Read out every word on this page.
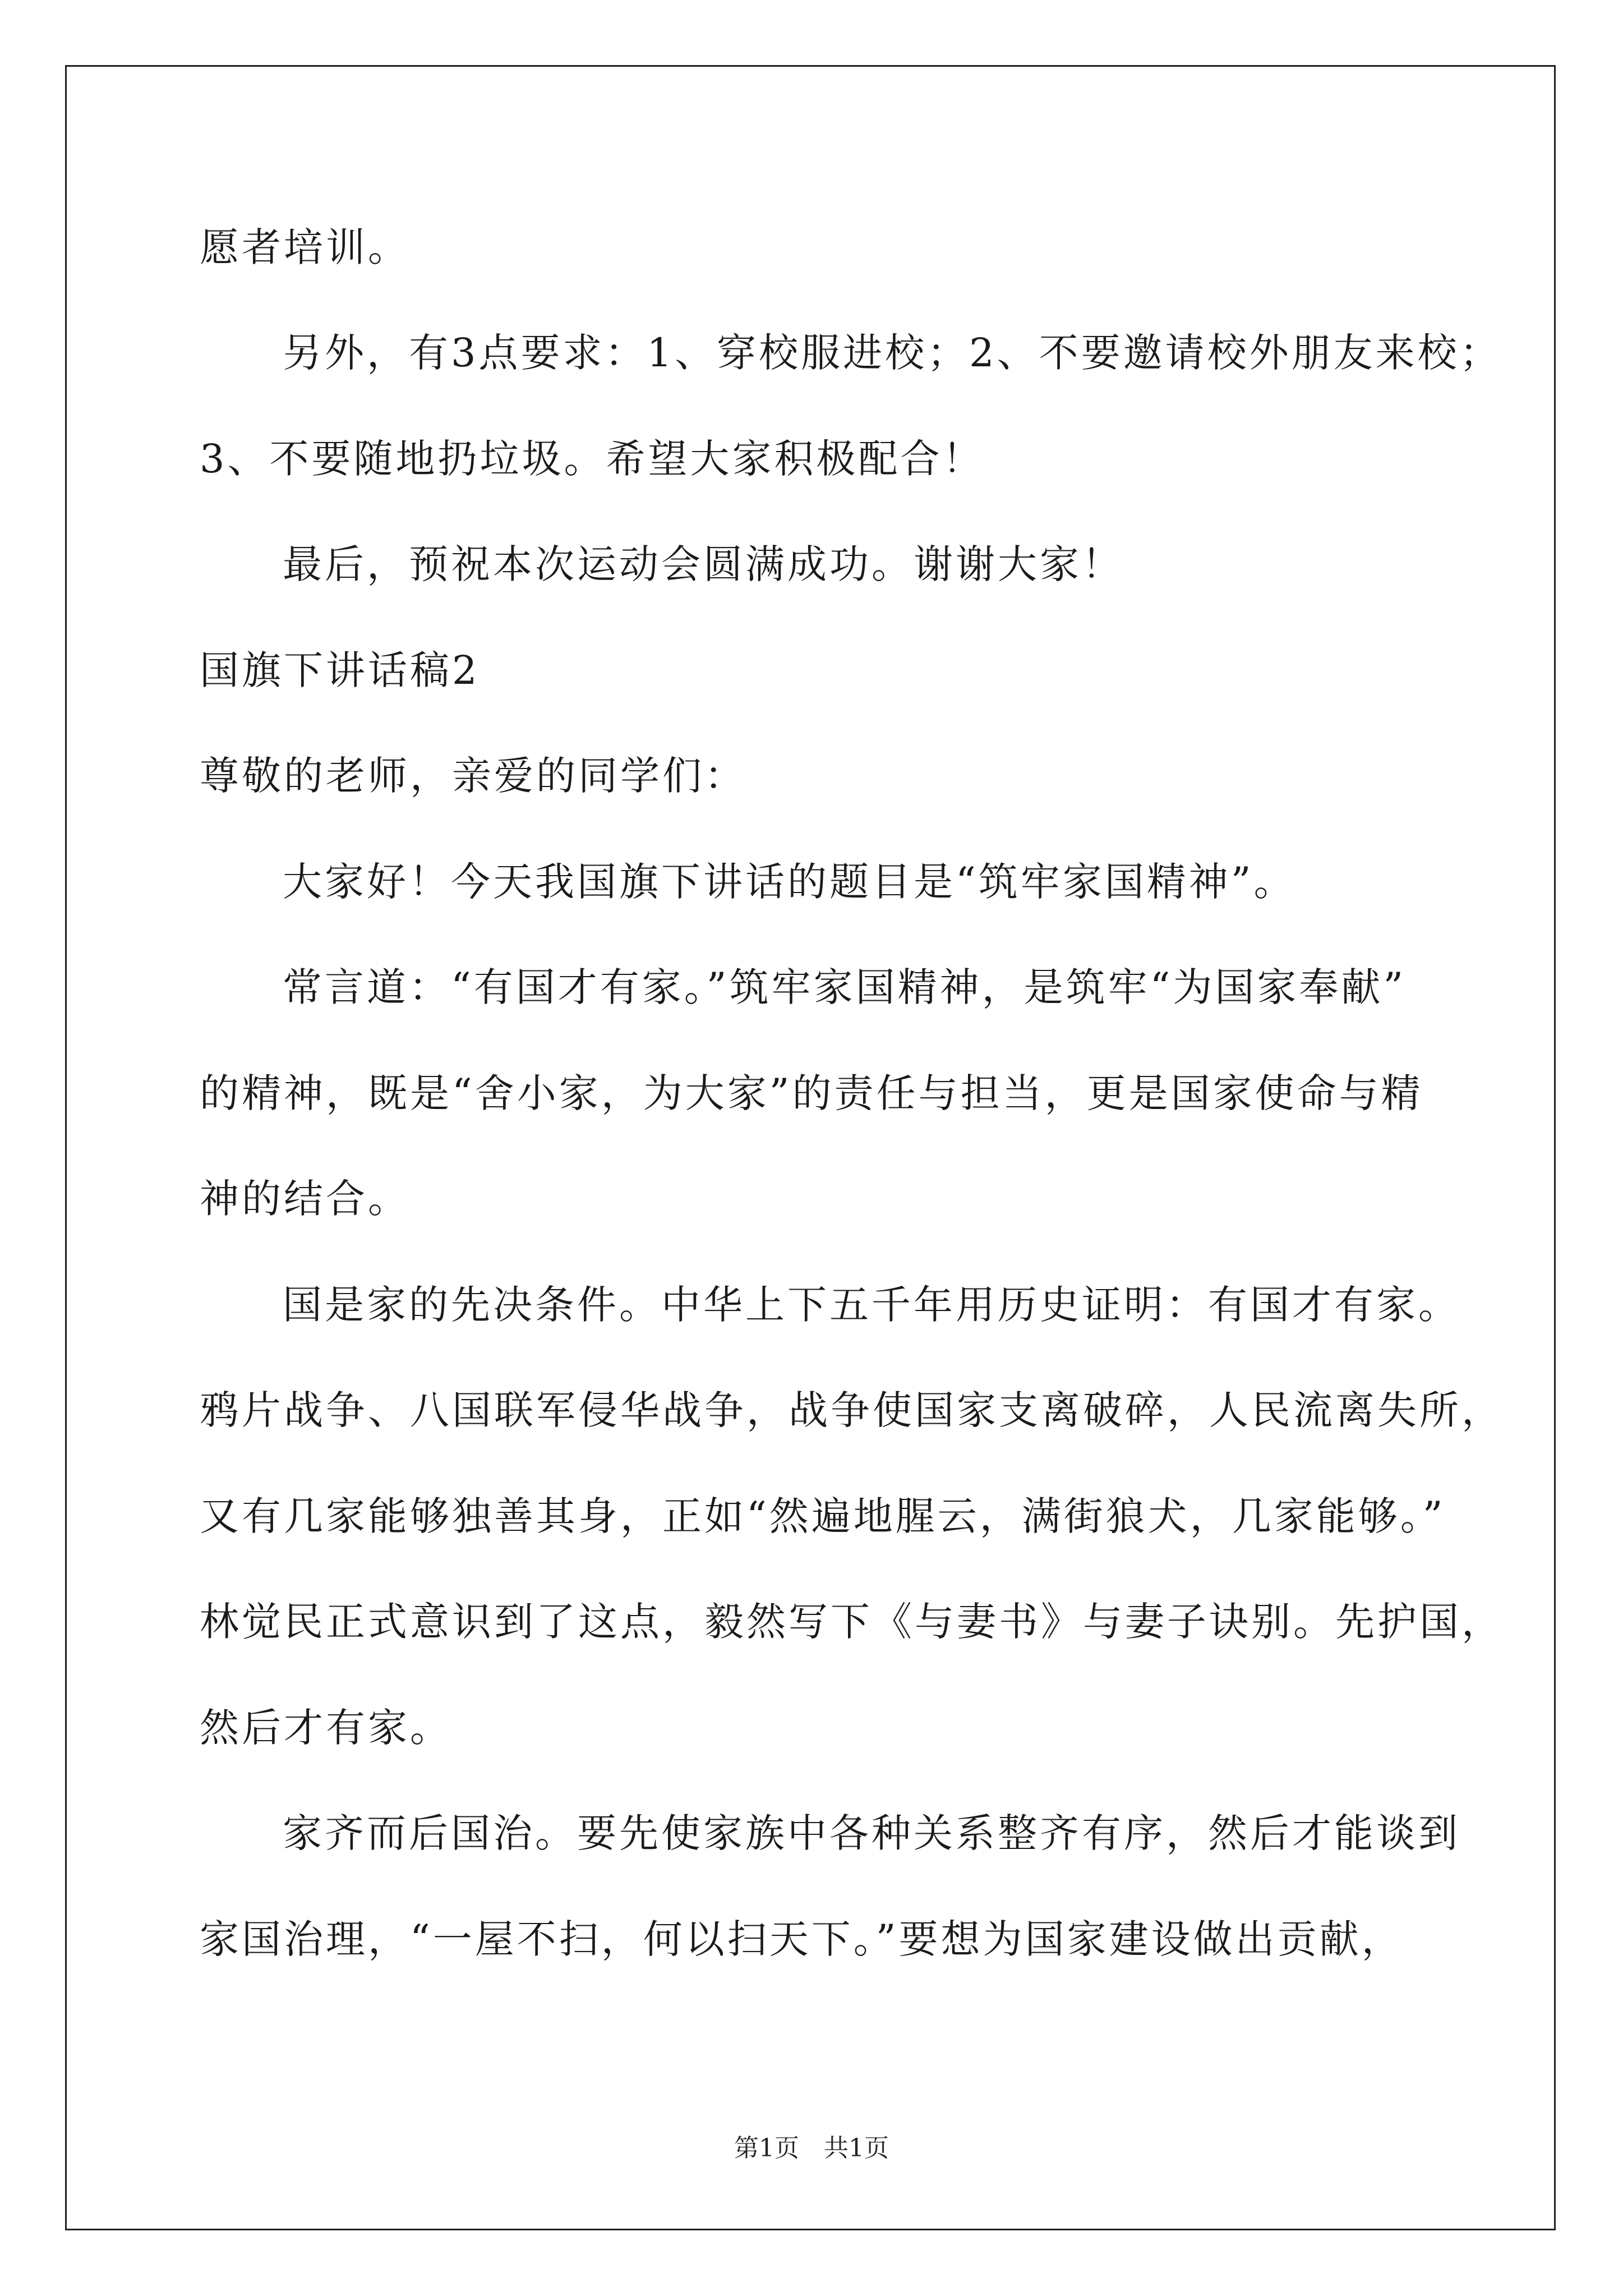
愿者培训。
另外，有3点要求：1、穿校服进校；2、不要邀请校外朋友来校；
3、不要随地扔垃圾。希望大家积极配合！
最后，预祝本次运动会圆满成功。谢谢大家！
国旗下讲话稿2
尊敬的老师，亲爱的同学们：
大家好！今天我国旗下讲话的题目是“筑牢家国精神”。
常言道：“有国才有家。”筑牢家国精神，是筑牢“为国家奉献”
的精神，既是“舍小家，为大家”的责任与担当，更是国家使命与精
神的结合。
国是家的先决条件。中华上下五千年用历史证明：有国才有家。
鸦片战争、八国联军侵华战争，战争使国家支离破碎，人民流离失所，
又有几家能够独善其身，正如“然遍地腥云，满街狼犬，几家能够。”
林觉民正式意识到了这点，毅然写下《与妻书》与妻子诀别。先护国，
然后才有家。
家齐而后国治。要先使家族中各种关系整齐有序，然后才能谈到
家国治理，“一屋不扫，何以扫天下。”要想为国家建设做出贡献，
第1页　共1页
